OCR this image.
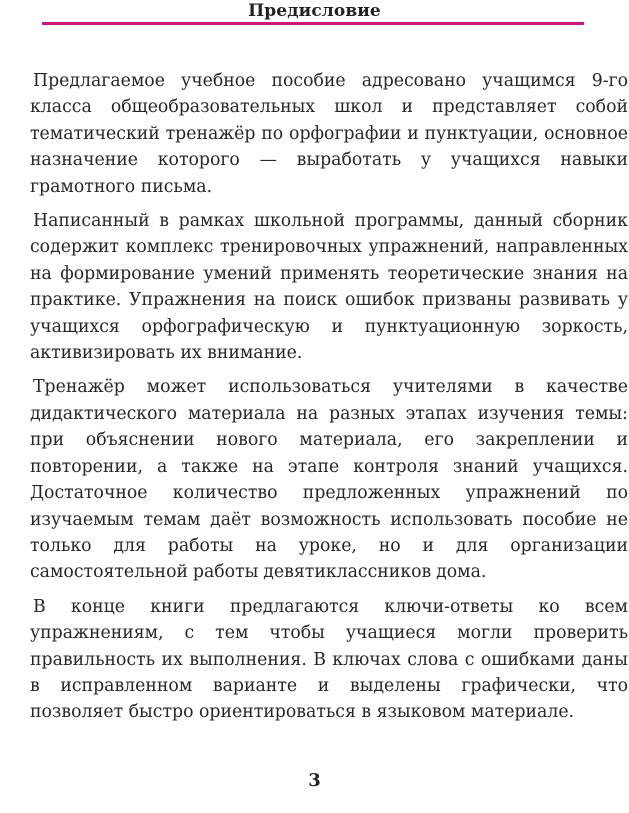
Предисловие

Предлагаемое учебное пособие адресовано учащимся 9-го класса общеобразовательных школ и представляет собой тематический тренажёр по орфографии и пунктуации, основное назначение которого — выработать у учащихся навыки грамотного письма.

Написанный в рамках школьной программы, данный сборник содержит комплекс тренировочных упражнений, направленных на формирование умений применять теоретические знания на практике. Упражнения на поиск ошибок призваны развивать у учащихся орфографическую и пунктуационную зоркость, активизировать их внимание.

Тренажёр может использоваться учителями в качестве дидактического материала на разных этапах изучения темы: при объяснении нового материала, его закреплении и повторении, а также на этапе контроля знаний учащихся. Достаточное количество предложенных упражнений по изучаемым темам даёт возможность использовать пособие не только для работы на уроке, но и для организации самостоятельной работы девятиклассников дома.

В конце книги предлагаются ключи-ответы ко всем упражнениям, с тем чтобы учащиеся могли проверить правильность их выполнения. В ключах слова с ошибками даны в исправленном варианте и выделены графически, что позволяет быстро ориентироваться в языковом материале.

3
